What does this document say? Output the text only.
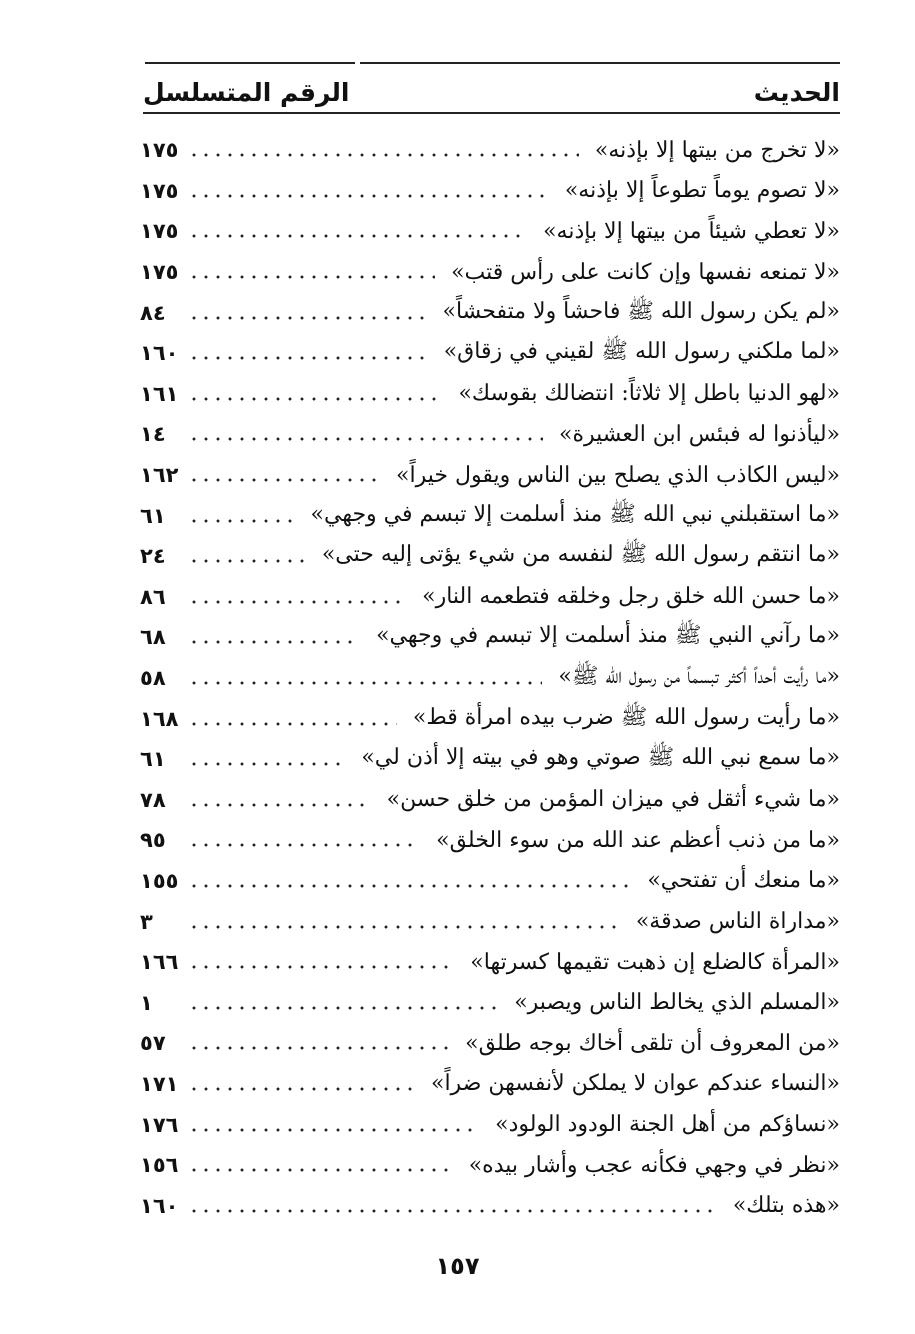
الحديث
الرقم المتسلسل
«لا تخرج من بيتها إلا بإذنه»
١٧٥
«لا تصوم يوماً تطوعاً إلا بإذنه»
١٧٥
«لا تعطي شيئاً من بيتها إلا بإذنه»
١٧٥
«لا تمنعه نفسها وإن كانت على رأس قتب»
١٧٥
«لم يكن رسول الله ﷺ فاحشاً ولا متفحشاً»
٨٤
«لما ملكني رسول الله ﷺ لقيني في زقاق»
١٦٠
«لهو الدنيا باطل إلا ثلاثاً: انتضالك بقوسك»
١٦١
«ليأذنوا له فبئس ابن العشيرة»
١٤
«ليس الكاذب الذي يصلح بين الناس ويقول خيراً»
١٦٢
«ما استقبلني نبي الله ﷺ منذ أسلمت إلا تبسم في وجهي»
٦١
«ما انتقم رسول الله ﷺ لنفسه من شيء يؤتى إليه حتى»
٢٤
«ما حسن الله خلق رجل وخلقه فتطعمه النار»
٨٦
«ما رآني النبي ﷺ منذ أسلمت إلا تبسم في وجهي»
٦٨
«ما رأيت أحداً أكثر تبسماً من رسول الله ﷺ»
٥٨
«ما رأيت رسول الله ﷺ ضرب بيده امرأة قط»
١٦٨
«ما سمع نبي الله ﷺ صوتي وهو في بيته إلا أذن لي»
٦١
«ما شيء أثقل في ميزان المؤمن من خلق حسن»
٧٨
«ما من ذنب أعظم عند الله من سوء الخلق»
٩٥
«ما منعك أن تفتحي»
١٥٥
«مداراة الناس صدقة»
٣
«المرأة كالضلع إن ذهبت تقيمها كسرتها»
١٦٦
«المسلم الذي يخالط الناس ويصبر»
١
«من المعروف أن تلقى أخاك بوجه طلق»
٥٧
«النساء عندكم عوان لا يملكن لأنفسهن ضراً»
١٧١
«نساؤكم من أهل الجنة الودود الولود»
١٧٦
«نظر في وجهي فكأنه عجب وأشار بيده»
١٥٦
«هذه بتلك»
١٦٠
١٥٧
